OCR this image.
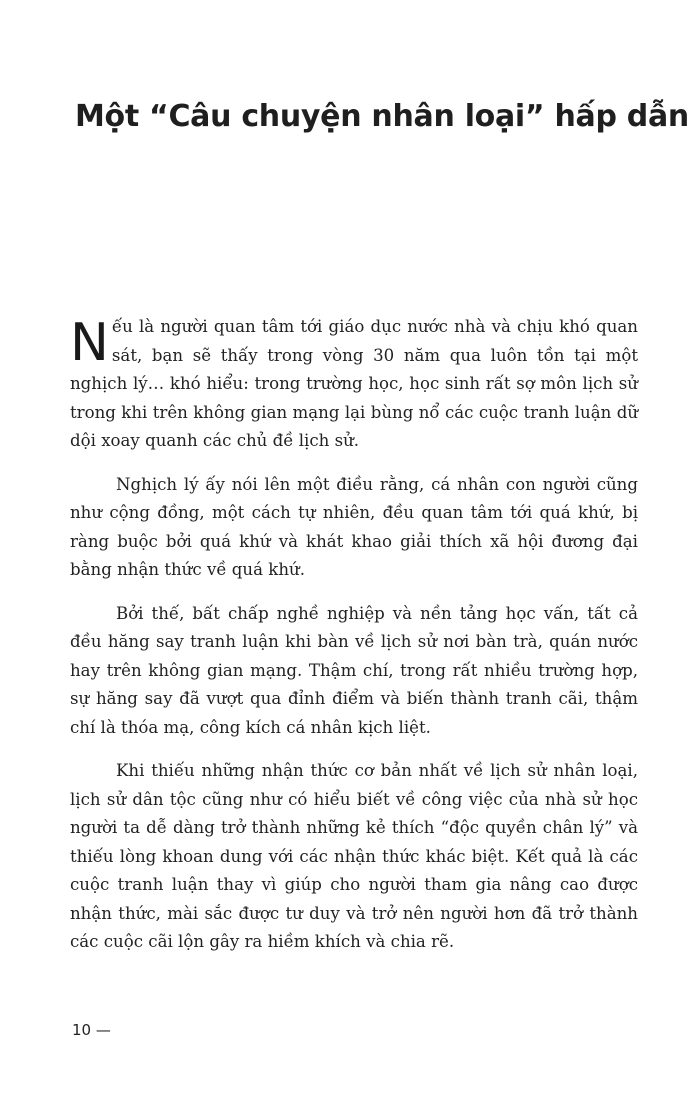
Một “Câu chuyện nhân loại” hấp dẫn

Nếu là người quan tâm tới giáo dục nước nhà và chịu khó quan sát, bạn sẽ thấy trong vòng 30 năm qua luôn tồn tại một nghịch lý… khó hiểu: trong trường học, học sinh rất sợ môn lịch sử trong khi trên không gian mạng lại bùng nổ các cuộc tranh luận dữ dội xoay quanh các chủ đề lịch sử.

Nghịch lý ấy nói lên một điều rằng, cá nhân con người cũng như cộng đồng, một cách tự nhiên, đều quan tâm tới quá khứ, bị ràng buộc bởi quá khứ và khát khao giải thích xã hội đương đại bằng nhận thức về quá khứ.

Bởi thế, bất chấp nghề nghiệp và nền tảng học vấn, tất cả đều hăng say tranh luận khi bàn về lịch sử nơi bàn trà, quán nước hay trên không gian mạng. Thậm chí, trong rất nhiều trường hợp, sự hăng say đã vượt qua đỉnh điểm và biến thành tranh cãi, thậm chí là thóa mạ, công kích cá nhân kịch liệt.

Khi thiếu những nhận thức cơ bản nhất về lịch sử nhân loại, lịch sử dân tộc cũng như có hiểu biết về công việc của nhà sử học người ta dễ dàng trở thành những kẻ thích “độc quyền chân lý” và thiếu lòng khoan dung với các nhận thức khác biệt. Kết quả là các cuộc tranh luận thay vì giúp cho người tham gia nâng cao được nhận thức, mài sắc được tư duy và trở nên người hơn đã trở thành các cuộc cãi lộn gây ra hiềm khích và chia rẽ.

10 —
